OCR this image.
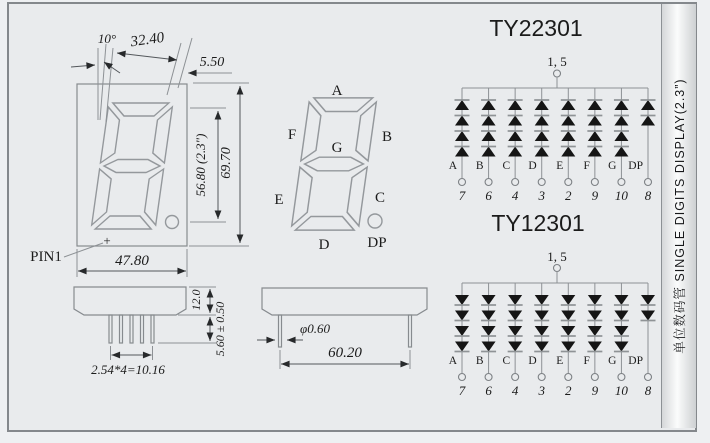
单位数码管 SINGLE DIGITS DISPLAY(2.3”)
+
PIN1
10° 32.40
5.50
56.80 (2.3") 69.70
47.80
A
F	B
G
E	C
D	DP
12.0
5.60 ± 0.50
2.54*4=10.16
φ0.60
60.20
TY22301
1, 5
A
7
B
6
C
4
D
3
E
2
F
9
G
10
DP
8
TY12301
1, 5
A
7
B
6
C
4
D
3
E
2
F
9
G
10
DP
8
